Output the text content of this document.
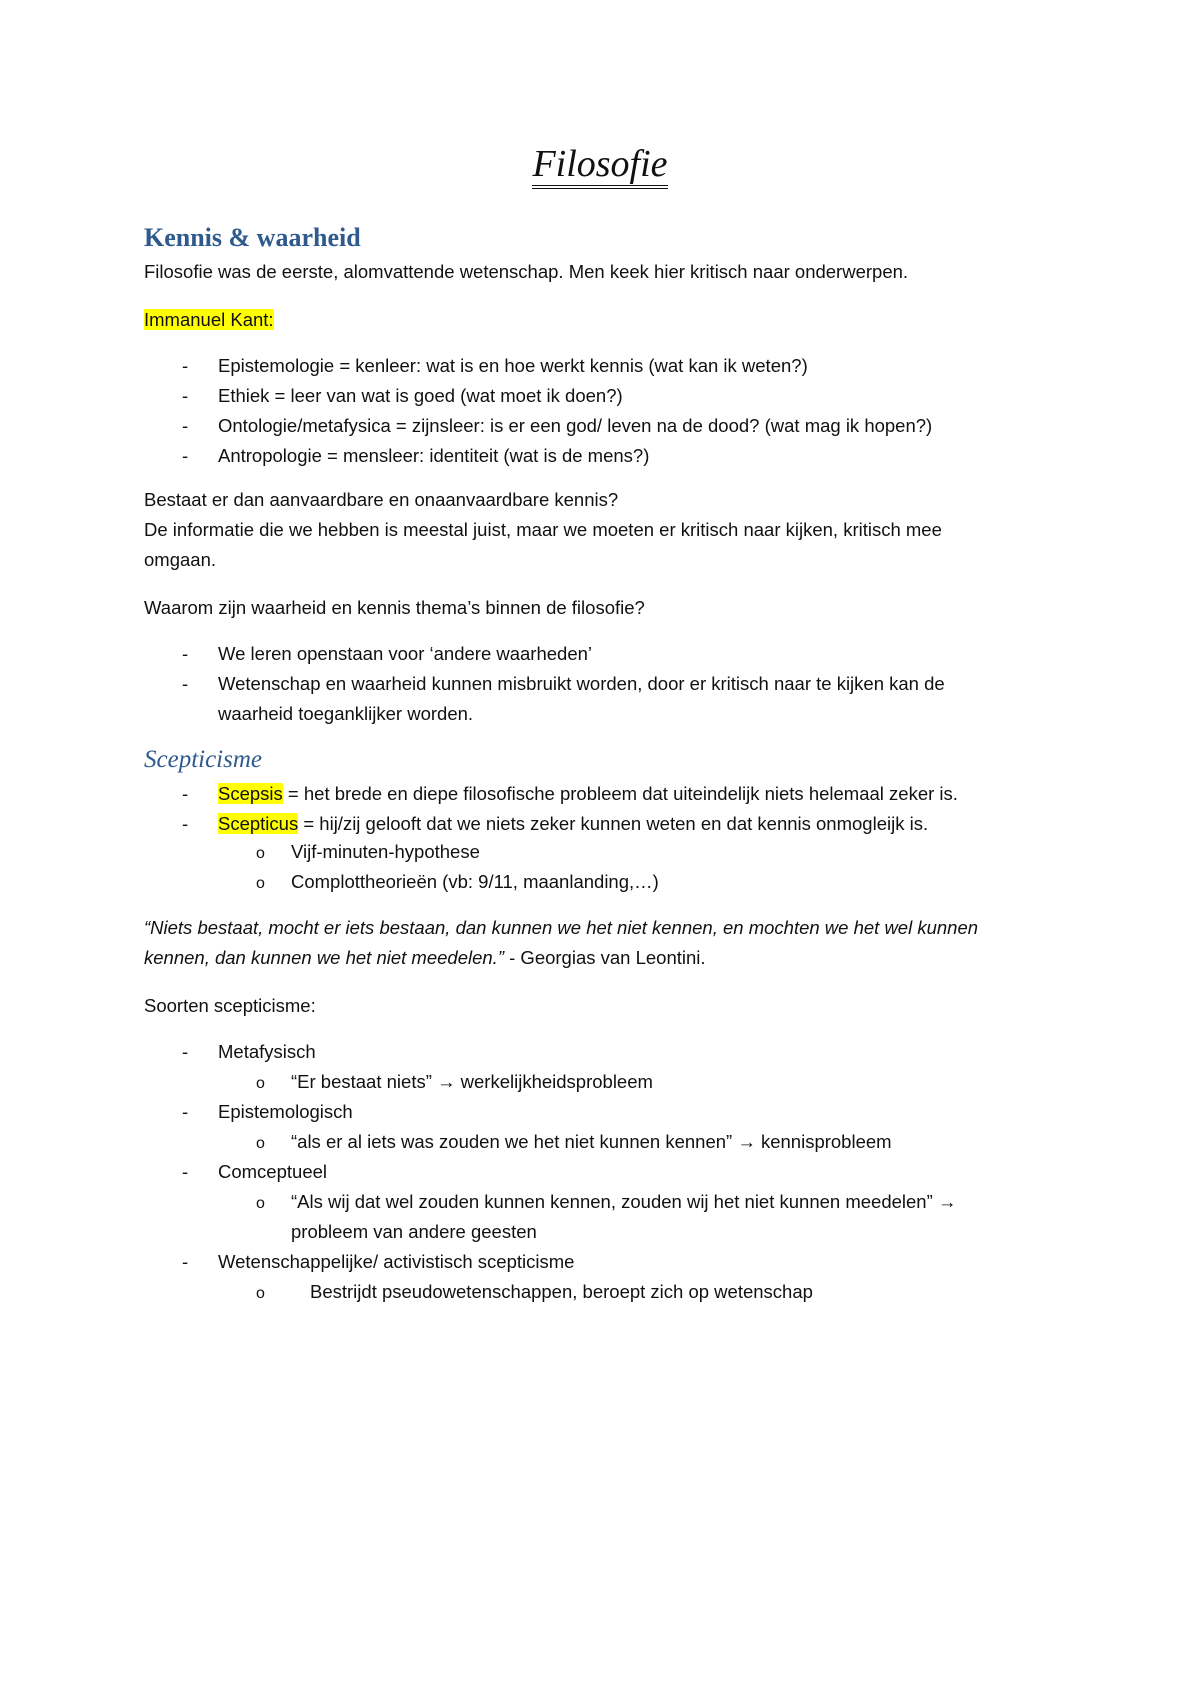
Filosofie
Kennis & waarheid
Filosofie was de eerste, alomvattende wetenschap. Men keek hier kritisch naar onderwerpen.
Immanuel Kant:
- Epistemologie = kenleer: wat is en hoe werkt kennis (wat kan ik weten?)
- Ethiek = leer van wat is goed (wat moet ik doen?)
- Ontologie/metafysica = zijnsleer: is er een god/ leven na de dood? (wat mag ik hopen?)
- Antropologie = mensleer: identiteit (wat is de mens?)
Bestaat er dan aanvaardbare en onaanvaardbare kennis?
De informatie die we hebben is meestal juist, maar we moeten er kritisch naar kijken, kritisch mee
omgaan.
Waarom zijn waarheid en kennis thema’s binnen de filosofie?
- We leren openstaan voor ‘andere waarheden’
- Wetenschap en waarheid kunnen misbruikt worden, door er kritisch naar te kijken kan de
waarheid toeganklijker worden.
Scepticisme
- Scepsis = het brede en diepe filosofische probleem dat uiteindelijk niets helemaal zeker is.
- Scepticus = hij/zij gelooft dat we niets zeker kunnen weten en dat kennis onmogleijk is.
o Vijf-minuten-hypothese
o Complottheorieën (vb: 9/11, maanlanding,…)
“Niets bestaat, mocht er iets bestaan, dan kunnen we het niet kennen, en mochten we het wel kunnen
kennen, dan kunnen we het niet meedelen.” - Georgias van Leontini.
Soorten scepticisme:
- Metafysisch
o “Er bestaat niets” → werkelijkheidsprobleem
- Epistemologisch
o “als er al iets was zouden we het niet kunnen kennen” → kennisprobleem
- Comceptueel
o “Als wij dat wel zouden kunnen kennen, zouden wij het niet kunnen meedelen” →
probleem van andere geesten
- Wetenschappelijke/ activistisch scepticisme
o Bestrijdt pseudowetenschappen, beroept zich op wetenschap
